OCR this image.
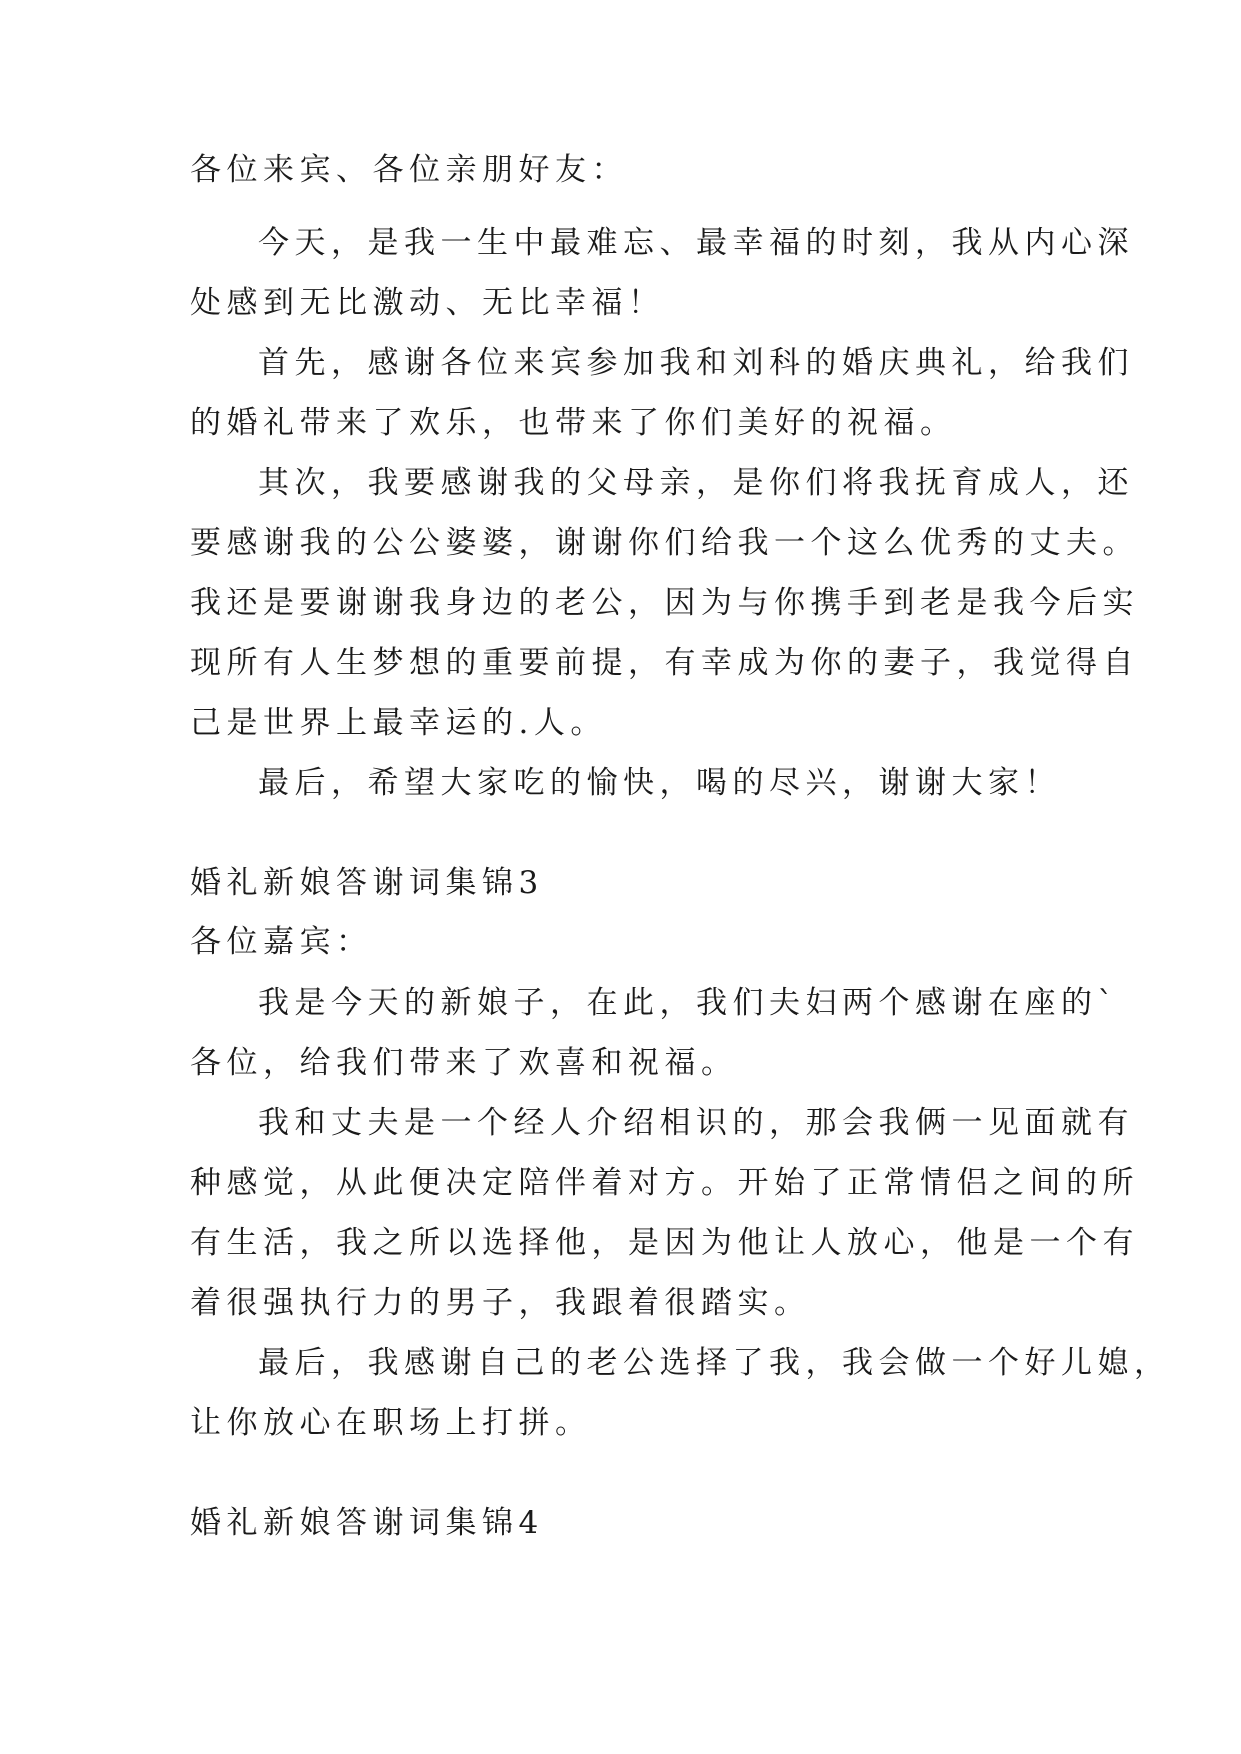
各位来宾、各位亲朋好友：
今天，是我一生中最难忘、最幸福的时刻，我从内心深
处感到无比激动、无比幸福！
首先，感谢各位来宾参加我和刘科的婚庆典礼，给我们
的婚礼带来了欢乐，也带来了你们美好的祝福。
其次，我要感谢我的父母亲，是你们将我抚育成人，还
要感谢我的公公婆婆，谢谢你们给我一个这么优秀的丈夫。
我还是要谢谢我身边的老公，因为与你携手到老是我今后实
现所有人生梦想的重要前提，有幸成为你的妻子，我觉得自
己是世界上最幸运的.人。
最后，希望大家吃的愉快，喝的尽兴，谢谢大家！
婚礼新娘答谢词集锦3
各位嘉宾：
我是今天的新娘子，在此，我们夫妇两个感谢在座的`
各位，给我们带来了欢喜和祝福。
我和丈夫是一个经人介绍相识的，那会我俩一见面就有
种感觉，从此便决定陪伴着对方。开始了正常情侣之间的所
有生活，我之所以选择他，是因为他让人放心，他是一个有
着很强执行力的男子，我跟着很踏实。
最后，我感谢自己的老公选择了我，我会做一个好儿媳，
让你放心在职场上打拼。
婚礼新娘答谢词集锦4
